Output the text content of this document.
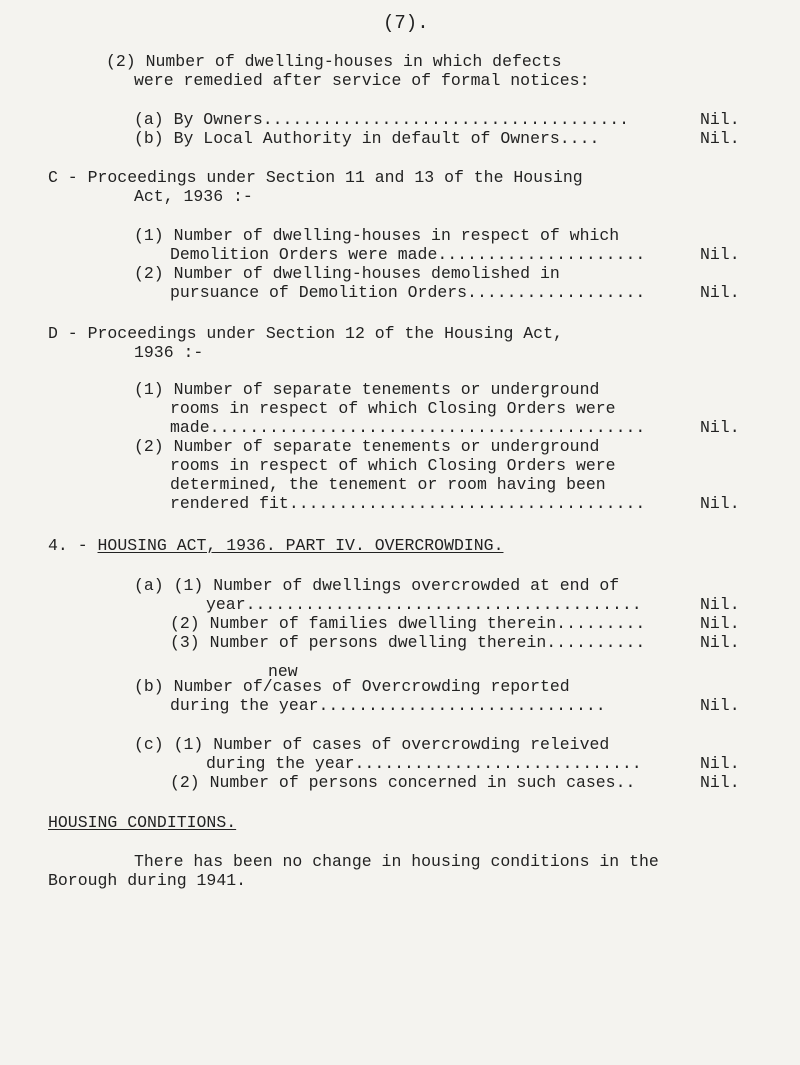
(7).
(2) Number of dwelling-houses in which defects
were remedied after service of formal notices:
(a) By Owners.....................................	Nil.
(b) By Local Authority in default of Owners....	Nil.
C - Proceedings under Section 11 and 13 of the Housing
Act, 1936 :-
(1) Number of dwelling-houses in respect of which
Demolition Orders were made.....................	Nil.
(2) Number of dwelling-houses demolished in
pursuance of Demolition Orders..................	Nil.
D - Proceedings under Section 12 of the Housing Act,
1936 :-
(1) Number of separate tenements or underground
rooms in respect of which Closing Orders were
made............................................	Nil.
(2) Number of separate tenements or underground
rooms in respect of which Closing Orders were
determined, the tenement or room having been
rendered fit....................................	Nil.
4. - HOUSING ACT, 1936. PART IV. OVERCROWDING.
(a) (1) Number of dwellings overcrowded at end of
year........................................	Nil.
(2) Number of families dwelling therein.........	Nil.
(3) Number of persons dwelling therein..........	Nil.
new
(b) Number of/cases of Overcrowding reported
during the year.............................	Nil.
(c) (1) Number of cases of overcrowding releived
during the year.............................	Nil.
(2) Number of persons concerned in such cases..	Nil.
HOUSING CONDITIONS.
There has been no change in housing conditions in the
Borough during 1941.
